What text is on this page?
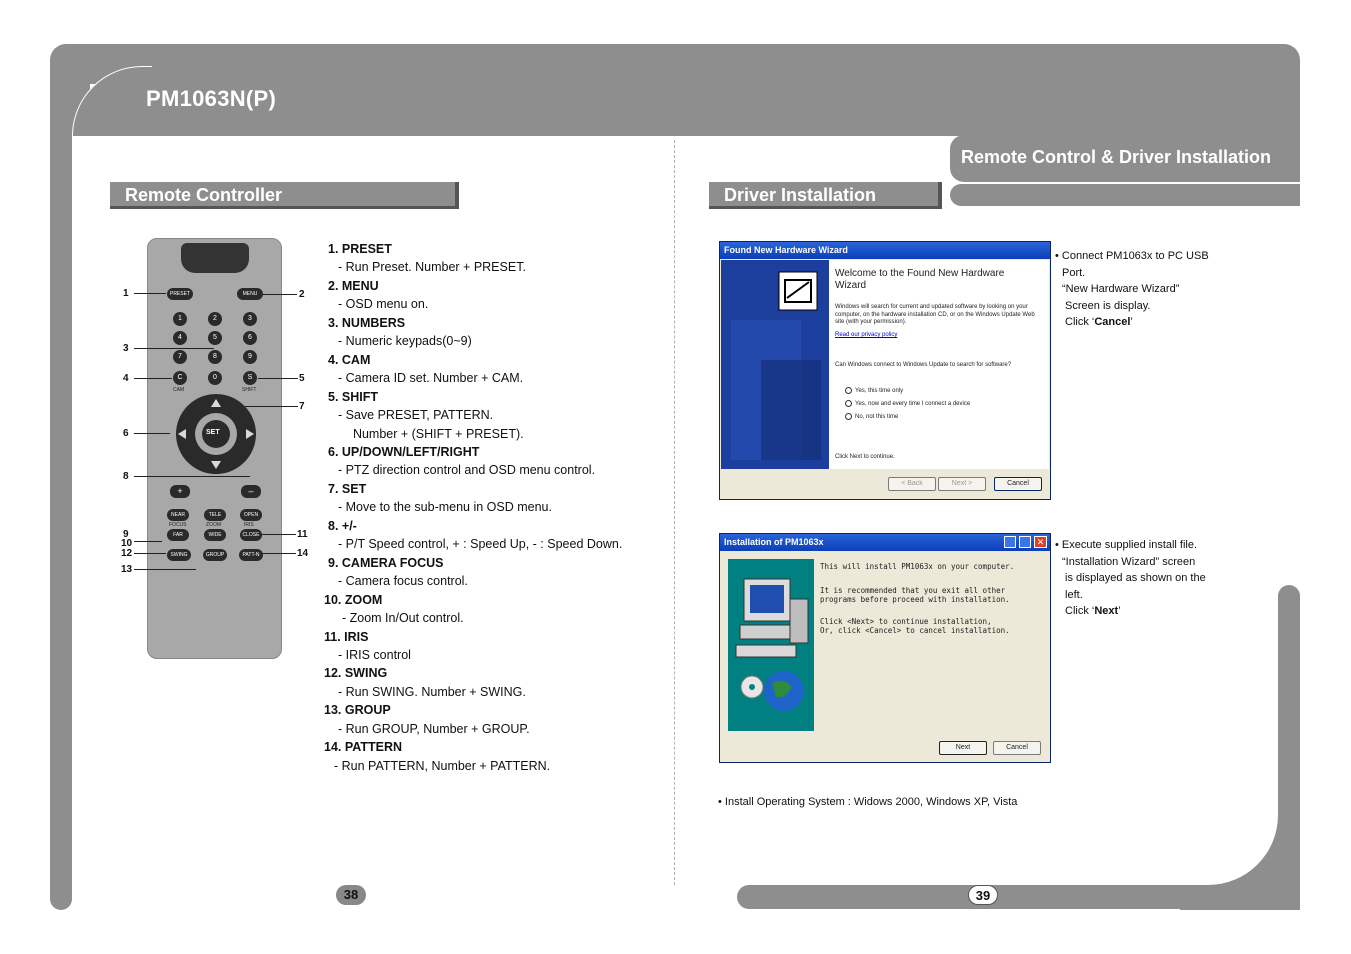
PM1063N(P)
Remote Control & Driver Installation
Remote Controller	Driver Installation
PRESET	MENU
1	2	3
4	5	6
7	8	9
C	0	S
CAM	SHIFT
SET
+	–
NEAR	TELE	OPEN
FOCUS	ZOOM	IRIS
FAR	WIDE	CLOSE
SWING	GROUP	PATT-N
1	2
3
4	5
6
7
8
9
10
11
12	14
13
1. PRESET
- Run Preset. Number + PRESET.
2. MENU
- OSD menu on.
3. NUMBERS
- Numeric keypads(0~9)
4. CAM
- Camera ID set. Number + CAM.
5. SHIFT
- Save PRESET, PATTERN.
Number + (SHIFT + PRESET).
6. UP/DOWN/LEFT/RIGHT
- PTZ direction control and OSD menu control.
7. SET
- Move to the sub-menu in OSD menu.
8. +/-
- P/T Speed control, + : Speed Up, - : Speed Down.
9. CAMERA FOCUS
- Camera focus control.
10. ZOOM
- Zoom In/Out control.
11. IRIS
- IRIS control
12. SWING
- Run SWING. Number + SWING.
13. GROUP
- Run GROUP, Number + GROUP.
14. PATTERN
- Run PATTERN, Number + PATTERN.
Found New Hardware Wizard
Welcome to the Found New Hardware Wizard
Windows will search for current and updated software by looking on your computer, on the hardware installation CD, or on the Windows Update Web site (with your permission).
Read our privacy policy
Can Windows connect to Windows Update to search for software?
Yes, this time only
Yes, now and every time I connect a device
No, not this time
Click Next to continue.
< Back	Next >	Cancel
Installation of PM1063x	✕
This will install PM1063x on your computer.
It is recommended that you exit all other programs before proceed with installation.
Click <Next> to continue installation,
Or, click <Cancel> to cancel installation.
Next	Cancel
• Connect PM1063x to PC USB
Port.
“New Hardware Wizard”
Screen is display.
Click ‘Cancel’
• Execute supplied install file.
“Installation Wizard” screen
is displayed as shown on the
left.
Click ‘Next’
• Install Operating System : Widows 2000, Windows XP, Vista
38	39
